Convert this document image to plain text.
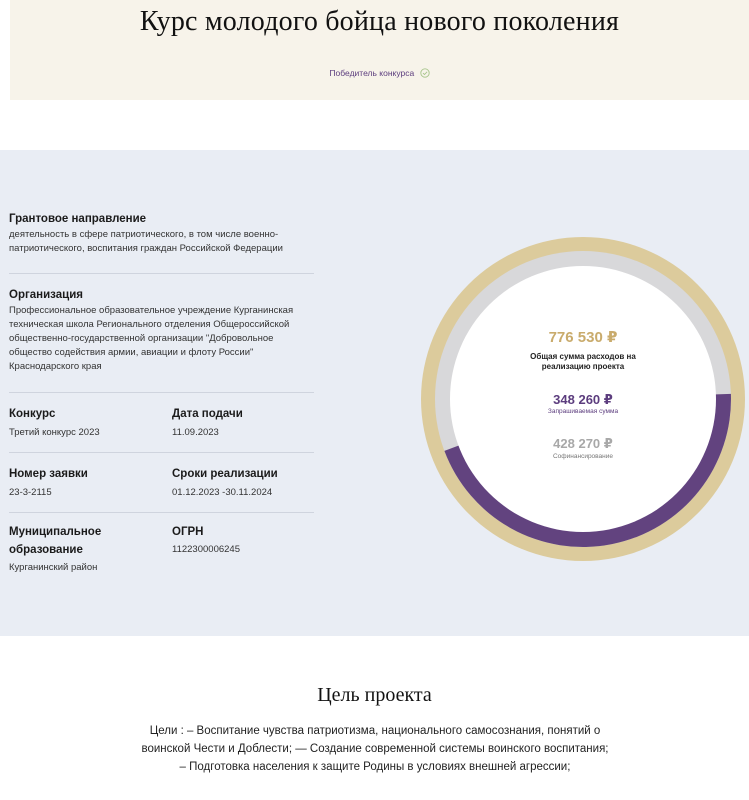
Курс молодого бойца нового поколения
Победитель конкурса
Грантовое направление
деятельность в сфере патриотического, в том числе военно-патриотического, воспитания граждан Российской Федерации
Организация
Профессиональное образовательное учреждение Курганинская техническая школа Регионального отделения Общероссийской общественно-государственной организации "Добровольное общество содействия армии, авиации и флоту России" Краснодарского края
Конкурс
Третий конкурс 2023
Дата подачи
11.09.2023
Номер заявки
23-3-2115
Сроки реализации
01.12.2023 -30.11.2024
Муниципальное образование
Курганинский район
ОГРН
1122300006245
776 530 ₽
Общая сумма расходов на реализацию проекта
348 260 ₽
Запрашиваемая сумма
428 270 ₽
Софинансирование
Цель проекта
Цели : – Воспитание чувства патриотизма, национального самосознания, понятий о воинской Чести и Доблести; — Создание современной системы воинского воспитания; – Подготовка населения к защите Родины в условиях внешней агрессии;
